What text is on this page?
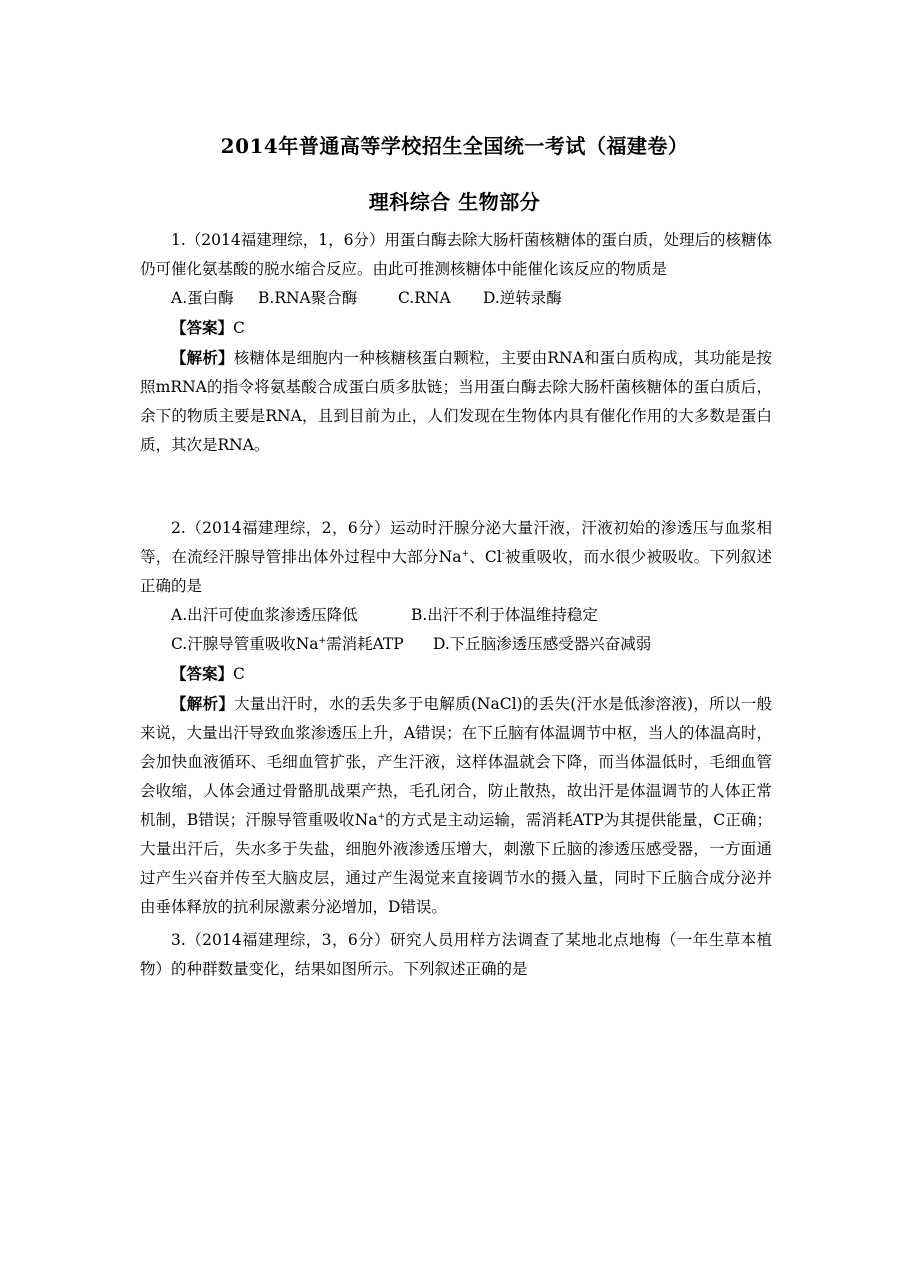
2014年普通高等学校招生全国统一考试（福建卷）
理科综合 生物部分

1.（2014福建理综，1，6分）用蛋白酶去除大肠杆菌核糖体的蛋白质，处理后的核糖体仍可催化氨基酸的脱水缩合反应。由此可推测核糖体中能催化该反应的物质是

A.蛋白酶 B.RNA聚合酶	C.RNA D.逆转录酶

【答案】C

【解析】核糖体是细胞内一种核糖核蛋白颗粒，主要由RNA和蛋白质构成，其功能是按照mRNA的指令将氨基酸合成蛋白质多肽链；当用蛋白酶去除大肠杆菌核糖体的蛋白质后，余下的物质主要是RNA，且到目前为止，人们发现在生物体内具有催化作用的大多数是蛋白质，其次是RNA。

2.（2014福建理综，2，6分）运动时汗腺分泌大量汗液，汗液初始的渗透压与血浆相等，在流经汗腺导管排出体外过程中大部分Na+、Cl-被重吸收，而水很少被吸收。下列叙述正确的是

A.出汗可使血浆渗透压降低	B.出汗不利于体温维持稳定

C.汗腺导管重吸收Na+需消耗ATP D.下丘脑渗透压感受器兴奋减弱

【答案】C

【解析】大量出汗时，水的丢失多于电解质(NaCl)的丢失(汗水是低渗溶液)，所以一般来说，大量出汗导致血浆渗透压上升，A错误；在下丘脑有体温调节中枢，当人的体温高时，会加快血液循环、毛细血管扩张，产生汗液，这样体温就会下降，而当体温低时，毛细血管会收缩，人体会通过骨骼肌战栗产热，毛孔闭合，防止散热，故出汗是体温调节的人体正常机制，B错误；汗腺导管重吸收Na+的方式是主动运输，需消耗ATP为其提供能量，C正确；大量出汗后，失水多于失盐，细胞外液渗透压增大，刺激下丘脑的渗透压感受器，一方面通过产生兴奋并传至大脑皮层，通过产生渴觉来直接调节水的摄入量，同时下丘脑合成分泌并由垂体释放的抗利尿激素分泌增加，D错误。

3.（2014福建理综，3，6分）研究人员用样方法调查了某地北点地梅（一年生草本植物）的种群数量变化，结果如图所示。下列叙述正确的是
